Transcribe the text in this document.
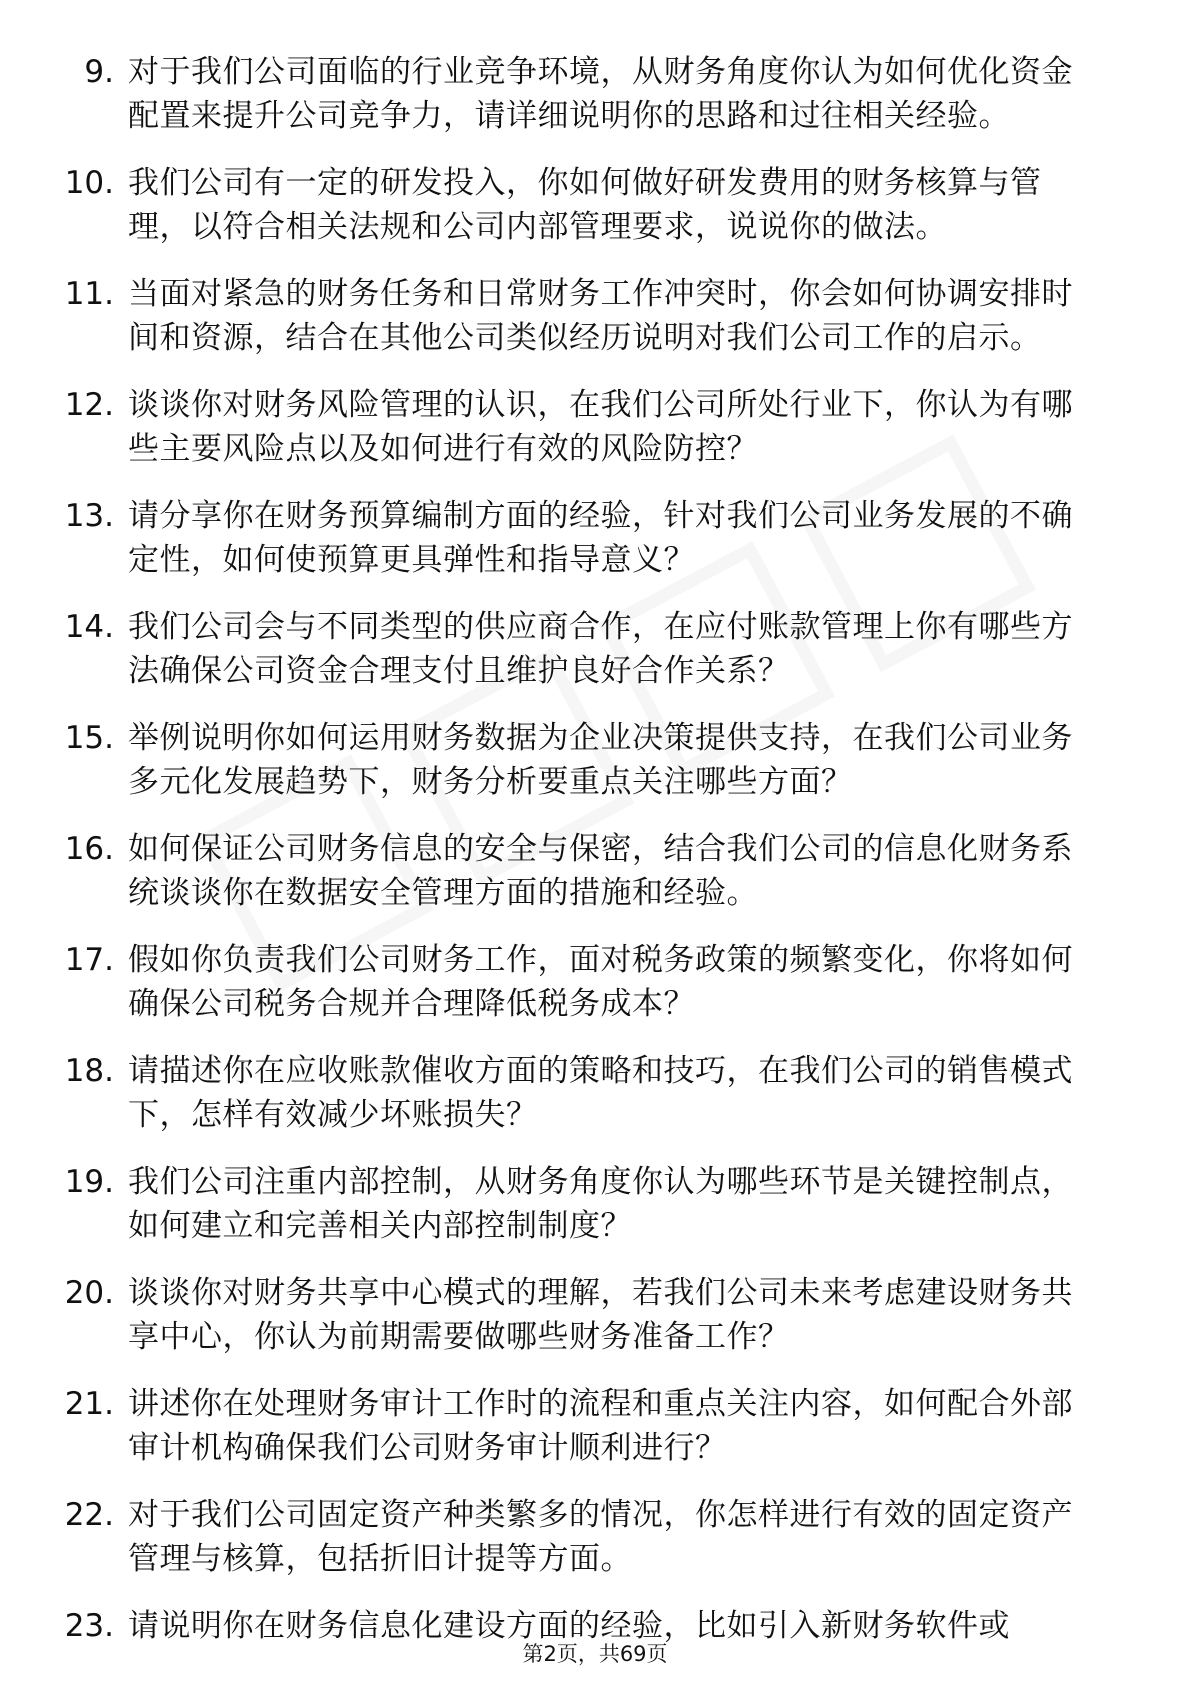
9. 对于我们公司面临的行业竞争环境，从财务角度你认为如何优化资金配置来提升公司竞争力，请详细说明你的思路和过往相关经验。
10. 我们公司有一定的研发投入，你如何做好研发费用的财务核算与管理，以符合相关法规和公司内部管理要求，说说你的做法。
11. 当面对紧急的财务任务和日常财务工作冲突时，你会如何协调安排时间和资源，结合在其他公司类似经历说明对我们公司工作的启示。
12. 谈谈你对财务风险管理的认识，在我们公司所处行业下，你认为有哪些主要风险点以及如何进行有效的风险防控？
13. 请分享你在财务预算编制方面的经验，针对我们公司业务发展的不确定性，如何使预算更具弹性和指导意义？
14. 我们公司会与不同类型的供应商合作，在应付账款管理上你有哪些方法确保公司资金合理支付且维护良好合作关系？
15. 举例说明你如何运用财务数据为企业决策提供支持，在我们公司业务多元化发展趋势下，财务分析要重点关注哪些方面？
16. 如何保证公司财务信息的安全与保密，结合我们公司的信息化财务系统谈谈你在数据安全管理方面的措施和经验。
17. 假如你负责我们公司财务工作，面对税务政策的频繁变化，你将如何确保公司税务合规并合理降低税务成本？
18. 请描述你在应收账款催收方面的策略和技巧，在我们公司的销售模式下，怎样有效减少坏账损失？
19. 我们公司注重内部控制，从财务角度你认为哪些环节是关键控制点，如何建立和完善相关内部控制制度？
20. 谈谈你对财务共享中心模式的理解，若我们公司未来考虑建设财务共享中心，你认为前期需要做哪些财务准备工作？
21. 讲述你在处理财务审计工作时的流程和重点关注内容，如何配合外部审计机构确保我们公司财务审计顺利进行？
22. 对于我们公司固定资产种类繁多的情况，你怎样进行有效的固定资产管理与核算，包括折旧计提等方面。
23. 请说明你在财务信息化建设方面的经验，比如引入新财务软件或
第2页，共69页
